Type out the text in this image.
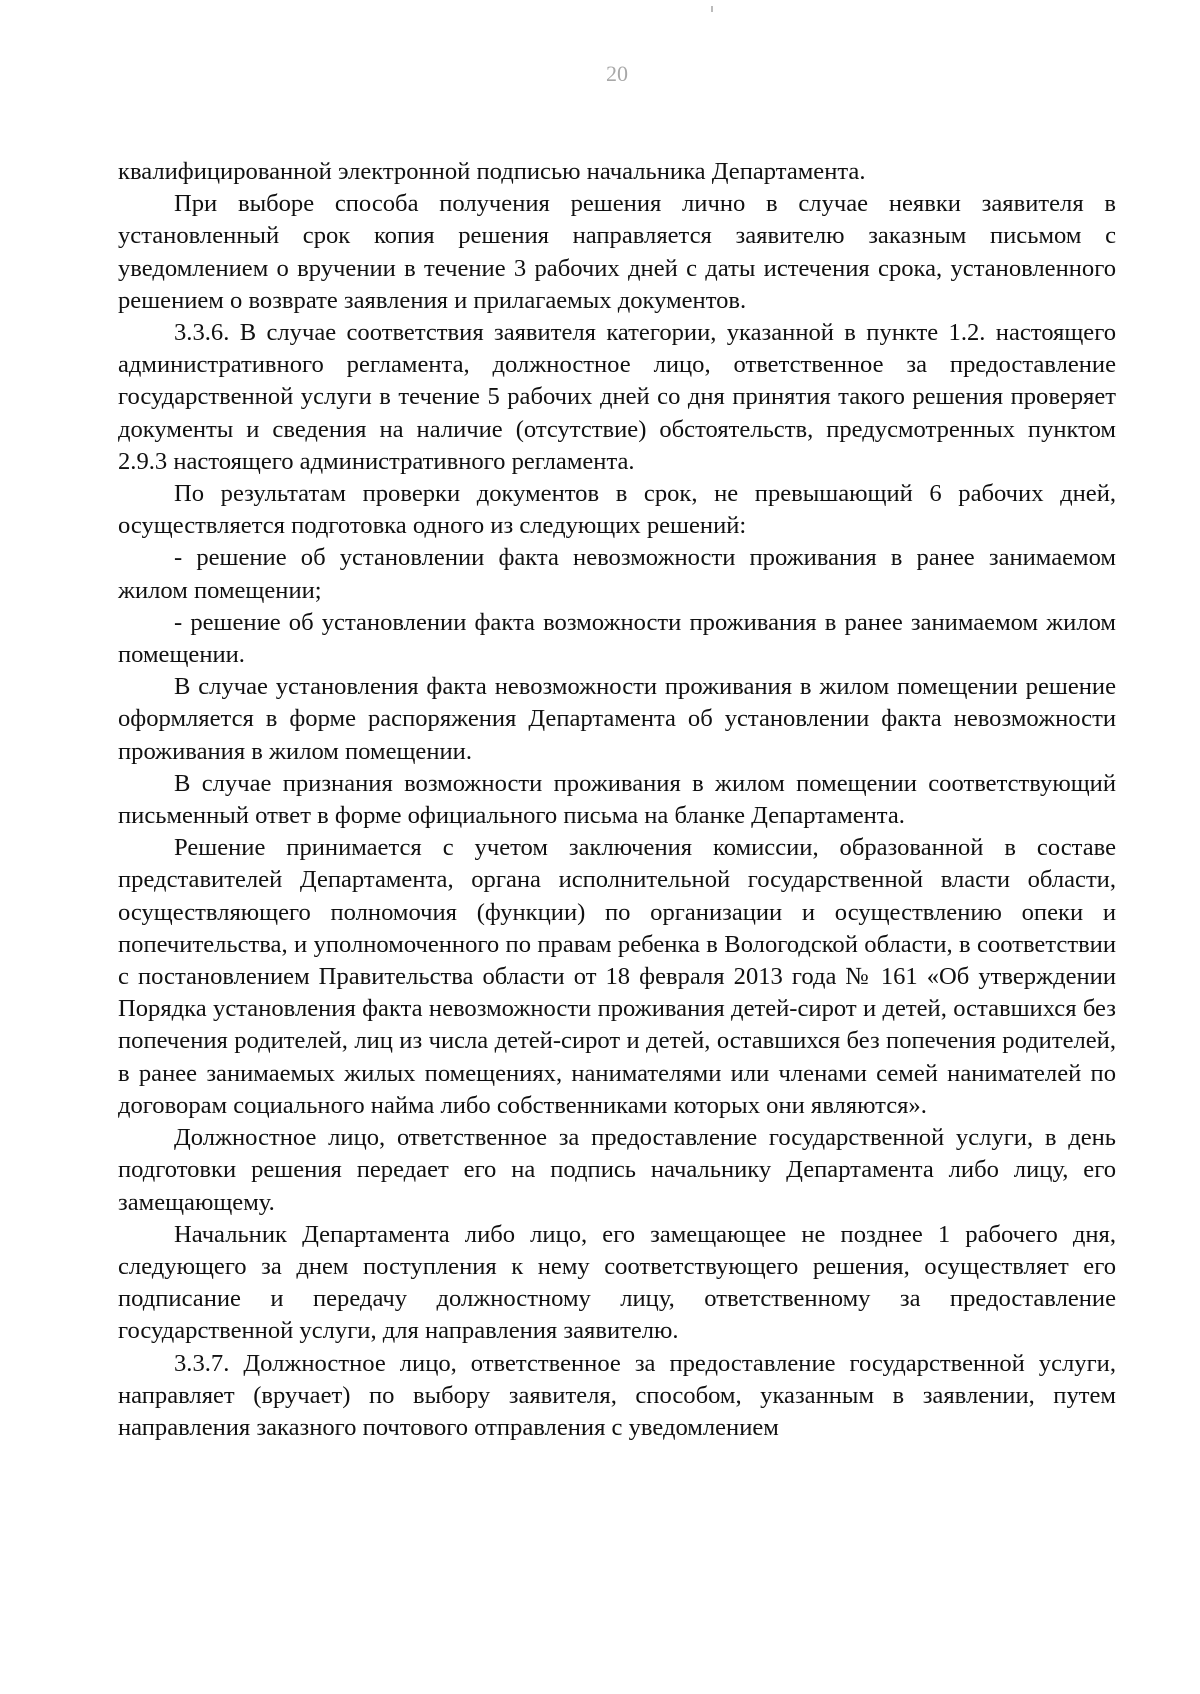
20

квалифицированной электронной подписью начальника Департамента.

При выборе способа получения решения лично в случае неявки заявителя в установленный срок копия решения направляется заявителю заказным письмом с уведомлением о вручении в течение 3 рабочих дней с даты истечения срока, установленного решением о возврате заявления и прилагаемых документов.

3.3.6. В случае соответствия заявителя категории, указанной в пункте 1.2. настоящего административного регламента, должностное лицо, ответственное за предоставление государственной услуги в течение 5 рабочих дней со дня принятия такого решения проверяет документы и сведения на наличие (отсутствие) обстоятельств, предусмотренных пунктом 2.9.3 настоящего административного регламента.

По результатам проверки документов в срок, не превышающий 6 рабочих дней, осуществляется подготовка одного из следующих решений:

- решение об установлении факта невозможности проживания в ранее занимаемом жилом помещении;

- решение об установлении факта возможности проживания в ранее занимаемом жилом помещении.

В случае установления факта невозможности проживания в жилом помещении решение оформляется в форме распоряжения Департамента об установлении факта невозможности проживания в жилом помещении.

В случае признания возможности проживания в жилом помещении соответствующий письменный ответ в форме официального письма на бланке Департамента.

Решение принимается с учетом заключения комиссии, образованной в составе представителей Департамента, органа исполнительной государственной власти области, осуществляющего полномочия (функции) по организации и осуществлению опеки и попечительства, и уполномоченного по правам ребенка в Вологодской области, в соответствии с постановлением Правительства области от 18 февраля 2013 года № 161 «Об утверждении Порядка установления факта невозможности проживания детей-сирот и детей, оставшихся без попечения родителей, лиц из числа детей-сирот и детей, оставшихся без попечения родителей, в ранее занимаемых жилых помещениях, нанимателями или членами семей нанимателей по договорам социального найма либо собственниками которых они являются».

Должностное лицо, ответственное за предоставление государственной услуги, в день подготовки решения передает его на подпись начальнику Департамента либо лицу, его замещающему.

Начальник Департамента либо лицо, его замещающее не позднее 1 рабочего дня, следующего за днем поступления к нему соответствующего решения, осуществляет его подписание и передачу должностному лицу, ответственному за предоставление государственной услуги, для направления заявителю.

3.3.7. Должностное лицо, ответственное за предоставление государственной услуги, направляет (вручает) по выбору заявителя, способом, указанным в заявлении, путем направления заказного почтового отправления с уведомлением
